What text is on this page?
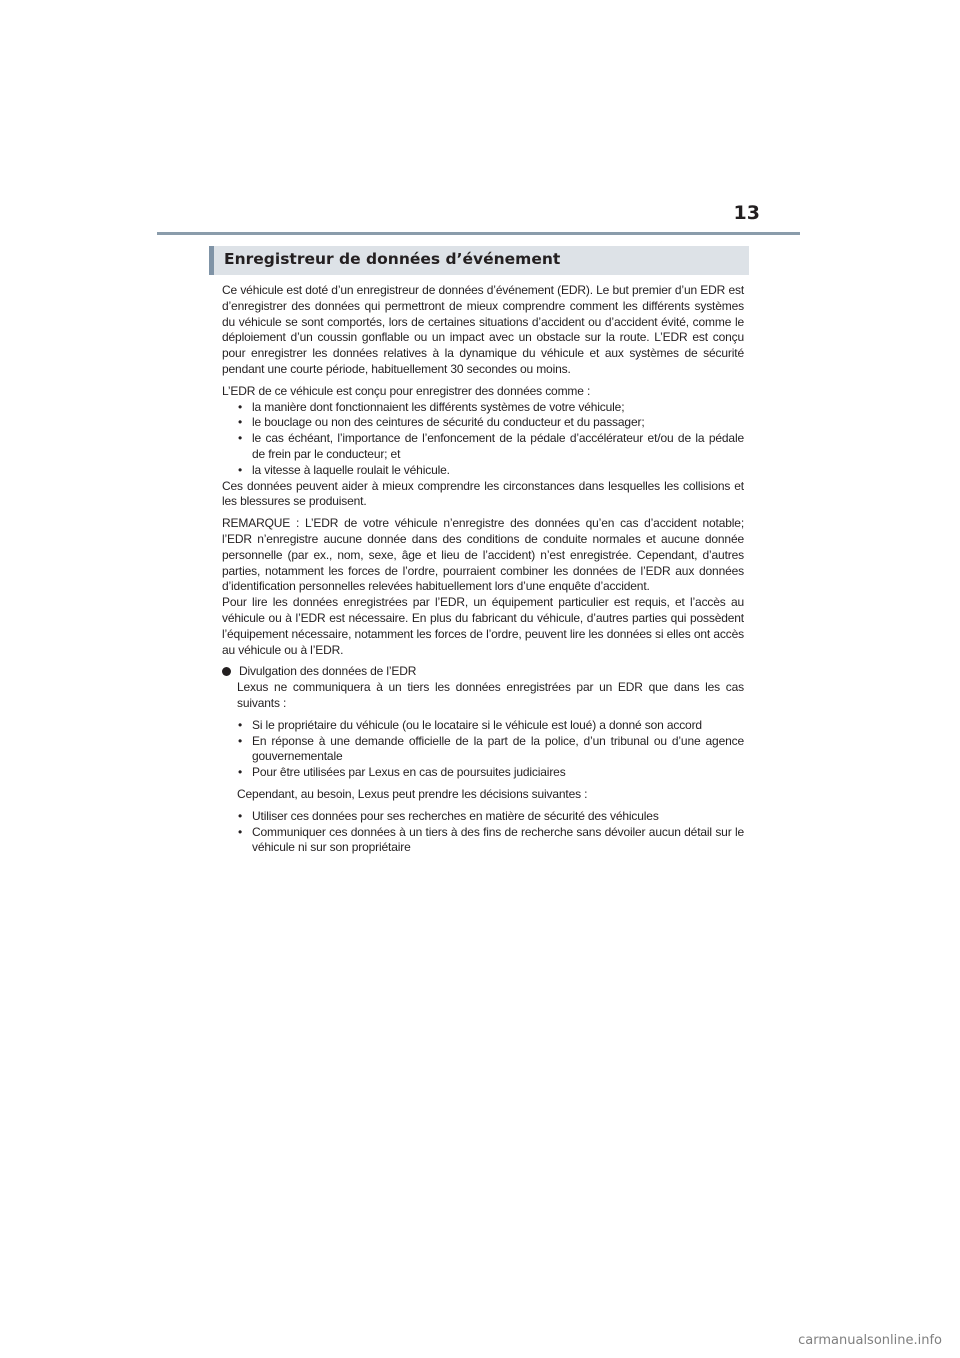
13
Enregistreur de données d’événement

Ce véhicule est doté d’un enregistreur de données d’événement (EDR). Le but premier d’un EDR est d’enregistrer des données qui permettront de mieux comprendre comment les différents systèmes du véhicule se sont comportés, lors de certaines situations d’accident ou d’accident évité, comme le déploiement d’un coussin gonflable ou un impact avec un obstacle sur la route. L’EDR est conçu pour enregistrer les données relatives à la dynamique du véhicule et aux systèmes de sécurité pendant une courte période, habituellement 30 secondes ou moins.

L’EDR de ce véhicule est conçu pour enregistrer des données comme :

• la manière dont fonctionnaient les différents systèmes de votre véhicule;
• le bouclage ou non des ceintures de sécurité du conducteur et du passager;
• le cas échéant, l’importance de l’enfoncement de la pédale d’accélérateur et/ou de la pédale de frein par le conducteur; et
• la vitesse à laquelle roulait le véhicule.

Ces données peuvent aider à mieux comprendre les circonstances dans lesquelles les collisions et les blessures se produisent.

REMARQUE : L’EDR de votre véhicule n’enregistre des données qu’en cas d’accident notable; l’EDR n’enregistre aucune donnée dans des conditions de conduite normales et aucune donnée personnelle (par ex., nom, sexe, âge et lieu de l’accident) n’est enregistrée. Cependant, d’autres parties, notamment les forces de l’ordre, pourraient combiner les données de l’EDR aux données d’identification personnelles relevées habituellement lors d’une enquête d’accident.

Pour lire les données enregistrées par l’EDR, un équipement particulier est requis, et l’accès au véhicule ou à l’EDR est nécessaire. En plus du fabricant du véhicule, d’autres parties qui possèdent l’équipement nécessaire, notamment les forces de l’ordre, peuvent lire les données si elles ont accès au véhicule ou à l’EDR.

Divulgation des données de l’EDR

Lexus ne communiquera à un tiers les données enregistrées par un EDR que dans les cas suivants :

• Si le propriétaire du véhicule (ou le locataire si le véhicule est loué) a donné son accord
• En réponse à une demande officielle de la part de la police, d’un tribunal ou d’une agence gouvernementale
• Pour être utilisées par Lexus en cas de poursuites judiciaires

Cependant, au besoin, Lexus peut prendre les décisions suivantes :

• Utiliser ces données pour ses recherches en matière de sécurité des véhicules
• Communiquer ces données à un tiers à des fins de recherche sans dévoiler aucun détail sur le véhicule ni sur son propriétaire
carmanualsonline.info
